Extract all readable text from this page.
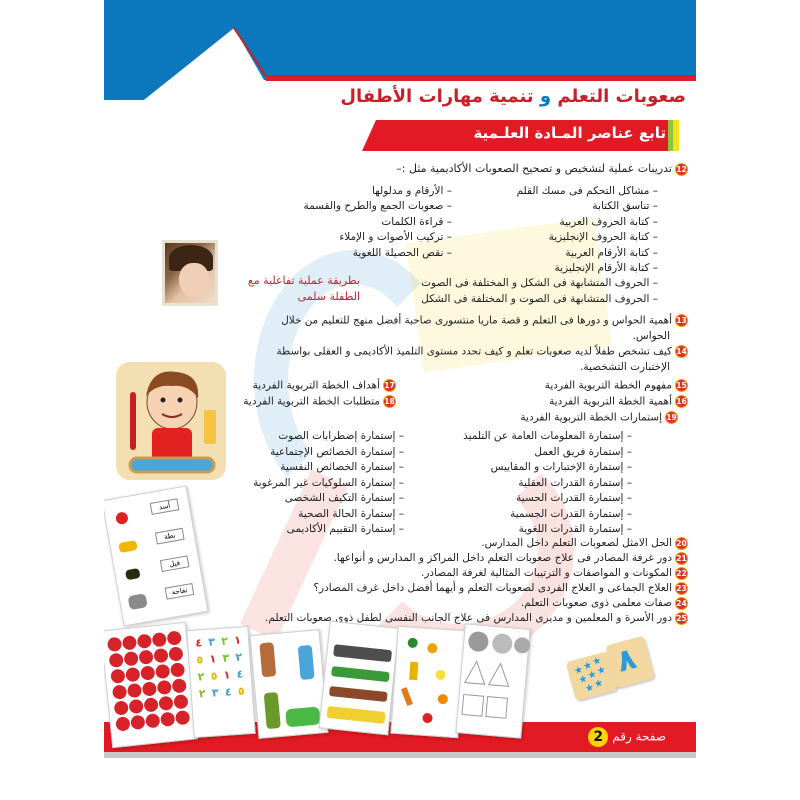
صعوبات التعلم و تنمية مهارات الأطفال
تابع عناصر المـادة العلـمية
12تدريبات عملية لتشخيص و تصحيح الصعوبات الأكاديمية مثل :–
– مشاكل التحكم فى مسك القلم
– تناسق الكتابة
– كتابة الحروف العربية
– كتابة الحروف الإنجليزية
– كتابة الأرقام العربية
– كتابة الأرقام الإنجليزية
– الحروف المتشابهة فى الشكل و المختلفة فى الصوت
– الحروف المتشابهة فى الصوت و المختلفة فى الشكل
– الأرقام و مدلولها
– صعوبات الجمع والطرح والقسمة
– قراءة الكلمات
– تركيب الأصوات و الإملاء
– نقص الحصيلة اللغوية
بطريقة عملية تفاعلية مع
الطفلة سلمى
13أهمية الحواس و دورها فى التعلم و قصة ماريا منتسورى صاحبة أفضل منهج للتعليم من خلال
الحواس.
14كيف تشخص طفلاً لديه صعوبات تعلم و كيف تحدد مستوى التلميذ الأكاديمى و العقلى بواسطة
الإختبارت التشخصية.
15مفهوم الخطة التربوية الفردية
16أهمية الخطة التربوية الفردية
17أهداف الخطة التربوية الفردية
18متطلبات الخطة التربوية الفردية
19إستمارات الخطة التربوية الفردية
– إستمارة المعلومات العامة عن التلميذ
– إستمارة فريق العمل
– إستمارة الإختبارات و المقاييس
– إستمارة القدرات العقلية
– إستمارة القدرات الحسية
– إستمارة القدرات الجسمية
– إستمارة القدرات اللغوية
– إستمارة إضطرابات الصوت
– إستمارة الخصائص الإجتماعية
– إستمارة الخصائص النفسية
– إستمارة السلوكيات غير المرغوبة
– إستمارة التكيف الشخصى
– إستمارة الحالة الصحية
– إستمارة التقييم الأكاديمى
20الحل الامثل لصعوبات التعلم داخل المدارس.
21دور غرفة المصادر فى علاج صعوبات التعلم داخل المراكز و المدارس و أنواعها.
22المكونات و المواصفات و الترتيبات المثالية لغرفة المصادر.
23العلاج الجماعى و العلاج الفردى لصعوبات التعلم و أيهما أفضل داخل غرف المصادر؟
24صفات معلمى ذوى صعوبات التعلم.
25دور الأسرة و المعلمين و مديرى المدارس فى علاج الجانب النفسى لطفل ذوى صعوبات التعلم.
أسد
بطة
فيل
تفاحة
٤ ٣ ٢ ١
٥ ١ ٣ ٢
٢ ٥ ١ ٤
٢ ٣ ٤ ٥
★
★
★
★
★
★
★
★
٨
صفحة رقم2
